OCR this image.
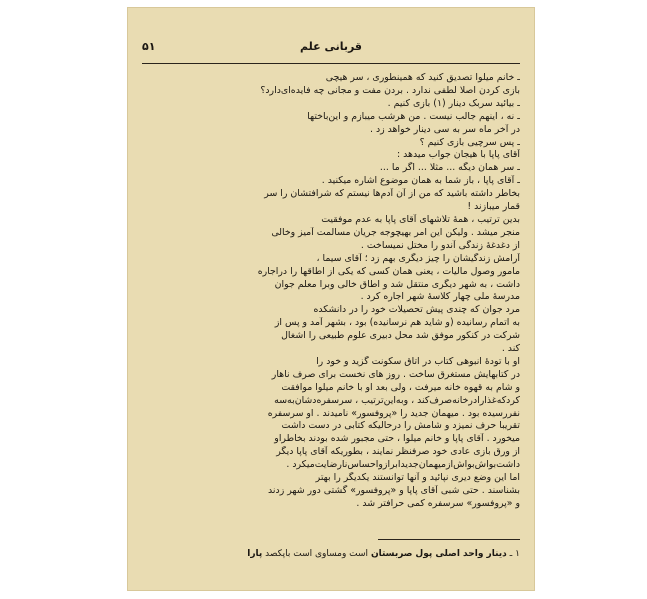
قربانی علم
۵۱
ـ خانم میلوا تصدیق کنید که همینطوری ، سر هیچی
بازی کردن اصلا لطفی ندارد . بردن مفت و مجانی چه فایده‌ای‌دارد؟
ـ بیائید سربک دینار (۱) بازی کنیم .
ـ نه ، اینهم جالب نیست . من هرشب میبازم و این‌باختها
در آخر ماه سر به سی دینار خواهد زد .
ـ پس سرچیی بازی کنیم ؟
آقای پاپا با هیجان جواب میدهد :
ـ سر همان دیگه ... مثلا ... اگر ما ...
ـ آقای پاپا ، باز شما به همان موضوع اشاره میکنید .
بخاطر داشته باشید که من از آن آدم‌ها نیستم که شرافتشان را سر
قمار میبازند !
بدین ترتیب ، همهٔ تلاشهای آقای پاپا به عدم موفقیت
منجر میشد . ولیکن این امر بهیچوجه جریان مسالمت آمیز وخالی
از دغدغهٔ زندگی آندو را مختل نمیساخت .
آرامش زندگیشان را چیز دیگری بهم زد ؛ آقای سیما ،
مامور وصول مالیات ، یعنی همان کسی که یکی از اطاقها را دراجاره
داشت ، به شهر دیگری منتقل شد و اطاق خالی وبرا معلم جوان
مدرسهٔ ملی چهار کلاسهٔ شهر اجاره کرد .
مرد جوان که چندی پیش تحصیلات خود را در دانشکده
به اتمام رسانیده (و شاید هم نرسانیده) بود ، بشهر آمد و پس از
شرکت در کنکور موفق شد محل دبیری علوم طبیعی را اشغال
کند .
او با تودهٔ انبوهی کتاب در اتاق سکونت گزید و خود را
در کتابهایش مستغرق ساخت . روز های نخست برای صرف ناهار
و شام به قهوه خانه میرفت ، ولی بعد او با خانم میلوا موافقت
کردکه‌غذاراد‌رخانه‌صرف‌کند ، وبه‌این‌ترتیب ، سرسفره‌دشان‌به‌سه
نفررسیده بود . میهمان جدید را «پروفسور» نامیدند . او سرسفره
تقریبا حرف نمیزد و شامش را درحالیکه کتابی در دست داشت
میخورد . آقای پاپا و خانم میلوا ، حتی مجبور شده بودند بخاطراو
از ورق بازی عادی خود صرفنظر نمایند ، بطوریکه آقای پاپا دیگر
داشت‌بواش‌بواش‌ازمیهمان‌جدیدابرازو‌احساس‌نارضایت‌میکرد .
اما این وضع دیری نپائید و آنها توانستند یکدیگر را بهتر
بشناسند . حتی شبی آقای پاپا و «پروفسور» گشتی دور شهر زدند
و «پروفسور» سرسفره کمی حرافتر شد .
۱ ـ دینار واحد اصلی پول صربستان است ومساوی است باپکصد پارا
